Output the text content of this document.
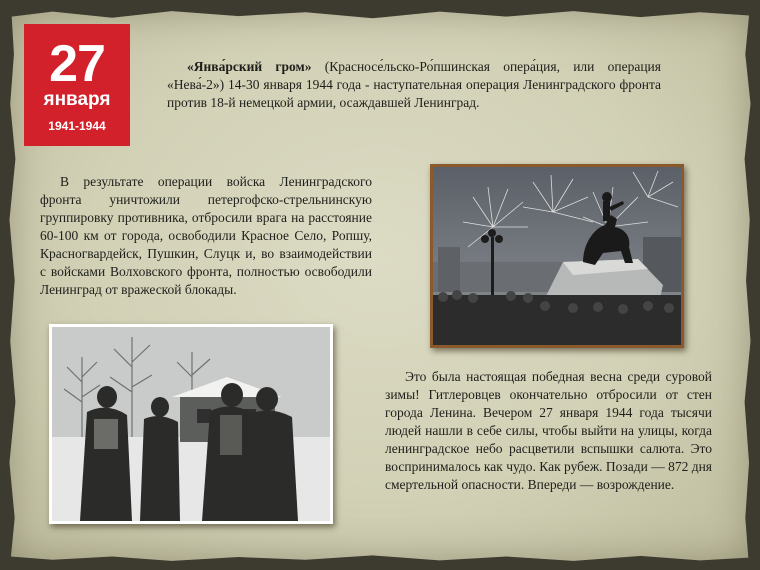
27
января
1941-1944

«Янва́рский гром» (Красносе́льско-Ро́пшинская опера́ция, или операция «Нева́-2») 14-30 января 1944 года - наступательная операция Ленинградского фронта против 18-й немецкой армии, осаждавшей Ленинград.

В результате операции войска Ленинградского фронта уничтожили петергофско-стрельнинскую группировку противника, отбросили врага на расстояние 60-100 км от города, освободили Красное Село, Ропшу, Красногвардейск, Пушкин, Слуцк и, во взаимодействии с войсками Волховского фронта, полностью освободили Ленинград от вражеской блокады.

Это была настоящая победная весна среди суровой зимы! Гитлеровцев окончательно отбросили от стен города Ленина. Вечером 27 января 1944 года тысячи людей нашли в себе силы, чтобы выйти на улицы, когда ленинградское небо расцветили вспышки салюта. Это воспринималось как чудо. Как рубеж. Позади — 872 дня смертельной опасности. Впереди — возрождение.
